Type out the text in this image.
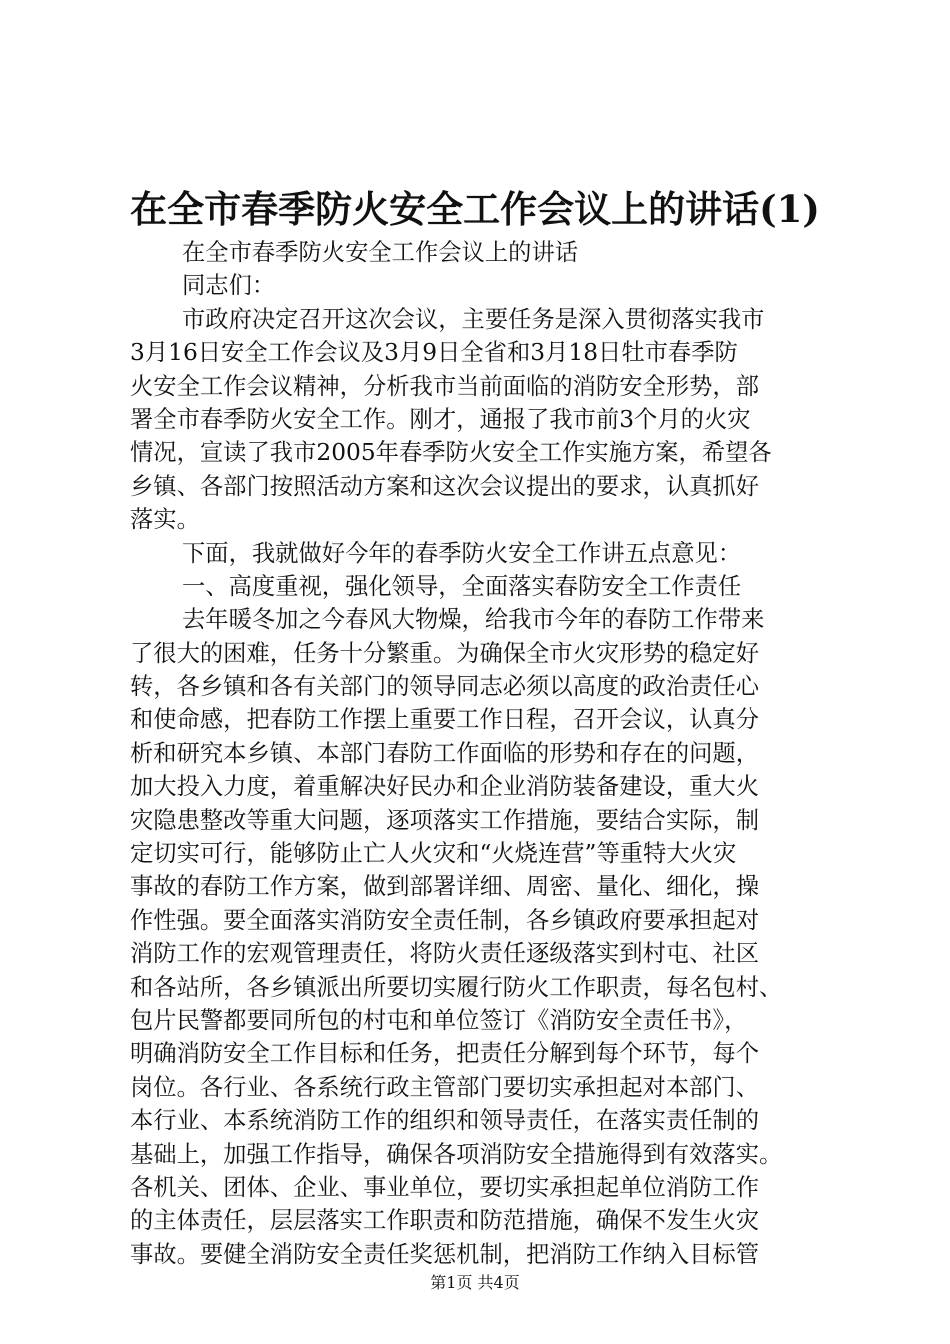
在全市春季防火安全工作会议上的讲话(1)
在全市春季防火安全工作会议上的讲话
同志们：
市政府决定召开这次会议，主要任务是深入贯彻落实我市
3月16日安全工作会议及3月9日全省和3月18日牡市春季防
火安全工作会议精神，分析我市当前面临的消防安全形势，部
署全市春季防火安全工作。刚才，通报了我市前3个月的火灾
情况，宣读了我市2005年春季防火安全工作实施方案，希望各
乡镇、各部门按照活动方案和这次会议提出的要求，认真抓好
落实。
下面，我就做好今年的春季防火安全工作讲五点意见：
一、高度重视，强化领导，全面落实春防安全工作责任
去年暖冬加之今春风大物燥，给我市今年的春防工作带来
了很大的困难，任务十分繁重。为确保全市火灾形势的稳定好
转，各乡镇和各有关部门的领导同志必须以高度的政治责任心
和使命感，把春防工作摆上重要工作日程，召开会议，认真分
析和研究本乡镇、本部门春防工作面临的形势和存在的问题，
加大投入力度，着重解决好民办和企业消防装备建设，重大火
灾隐患整改等重大问题，逐项落实工作措施，要结合实际，制
定切实可行，能够防止亡人火灾和“火烧连营”等重特大火灾
事故的春防工作方案，做到部署详细、周密、量化、细化，操
作性强。要全面落实消防安全责任制，各乡镇政府要承担起对
消防工作的宏观管理责任，将防火责任逐级落实到村屯、社区
和各站所，各乡镇派出所要切实履行防火工作职责，每名包村、
包片民警都要同所包的村屯和单位签订《消防安全责任书》，
明确消防安全工作目标和任务，把责任分解到每个环节，每个
岗位。各行业、各系统行政主管部门要切实承担起对本部门、
本行业、本系统消防工作的组织和领导责任，在落实责任制的
基础上，加强工作指导，确保各项消防安全措施得到有效落实。
各机关、团体、企业、事业单位，要切实承担起单位消防工作
的主体责任，层层落实工作职责和防范措施，确保不发生火灾
事故。要健全消防安全责任奖惩机制，把消防工作纳入目标管
第1页 共4页
